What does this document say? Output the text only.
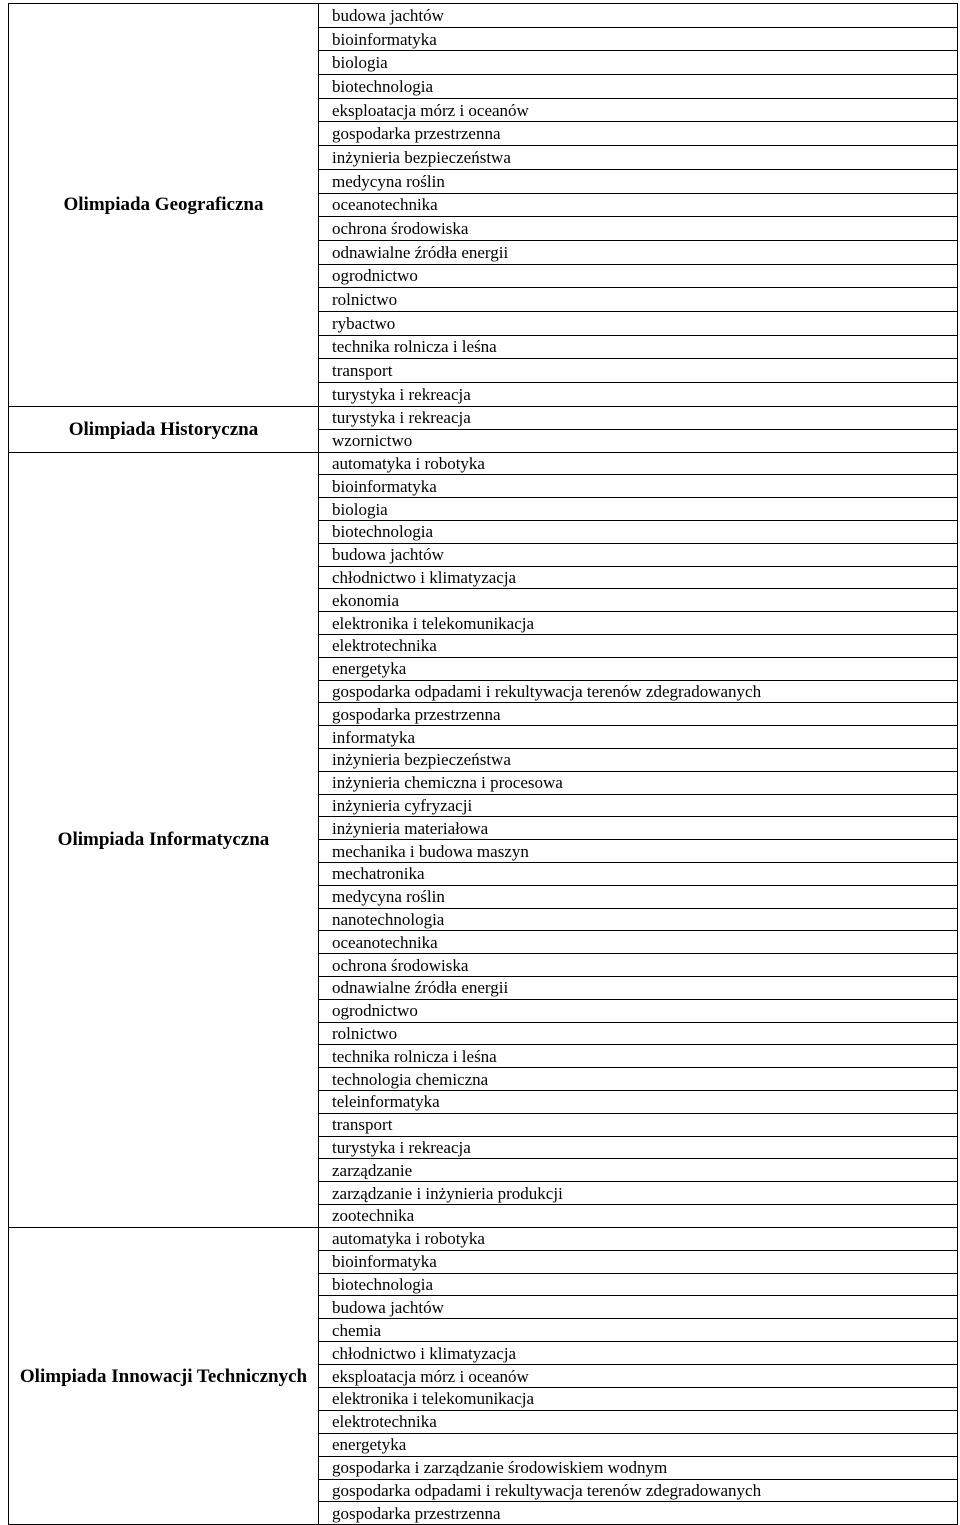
Olimpiada Geograficzna	budowa jachtów
	bioinformatyka
	biologia
	biotechnologia
	eksploatacja mórz i oceanów
	gospodarka przestrzenna
	inżynieria bezpieczeństwa
	medycyna roślin
	oceanotechnika
	ochrona środowiska
	odnawialne źródła energii
	ogrodnictwo
	rolnictwo
	rybactwo
	technika rolnicza i leśna
	transport
	turystyka i rekreacja
Olimpiada Historyczna	turystyka i rekreacja
	wzornictwo
Olimpiada Informatyczna	automatyka i robotyka
	bioinformatyka
	biologia
	biotechnologia
	budowa jachtów
	chłodnictwo i klimatyzacja
	ekonomia
	elektronika i telekomunikacja
	elektrotechnika
	energetyka
	gospodarka odpadami i rekultywacja terenów zdegradowanych
	gospodarka przestrzenna
	informatyka
	inżynieria bezpieczeństwa
	inżynieria chemiczna i procesowa
	inżynieria cyfryzacji
	inżynieria materiałowa
	mechanika i budowa maszyn
	mechatronika
	medycyna roślin
	nanotechnologia
	oceanotechnika
	ochrona środowiska
	odnawialne źródła energii
	ogrodnictwo
	rolnictwo
	technika rolnicza i leśna
	technologia chemiczna
	teleinformatyka
	transport
	turystyka i rekreacja
	zarządzanie
	zarządzanie i inżynieria produkcji
	zootechnika
Olimpiada Innowacji Technicznych	automatyka i robotyka
	bioinformatyka
	biotechnologia
	budowa jachtów
	chemia
	chłodnictwo i klimatyzacja
	eksploatacja mórz i oceanów
	elektronika i telekomunikacja
	elektrotechnika
	energetyka
	gospodarka i zarządzanie środowiskiem wodnym
	gospodarka odpadami i rekultywacja terenów zdegradowanych
	gospodarka przestrzenna
